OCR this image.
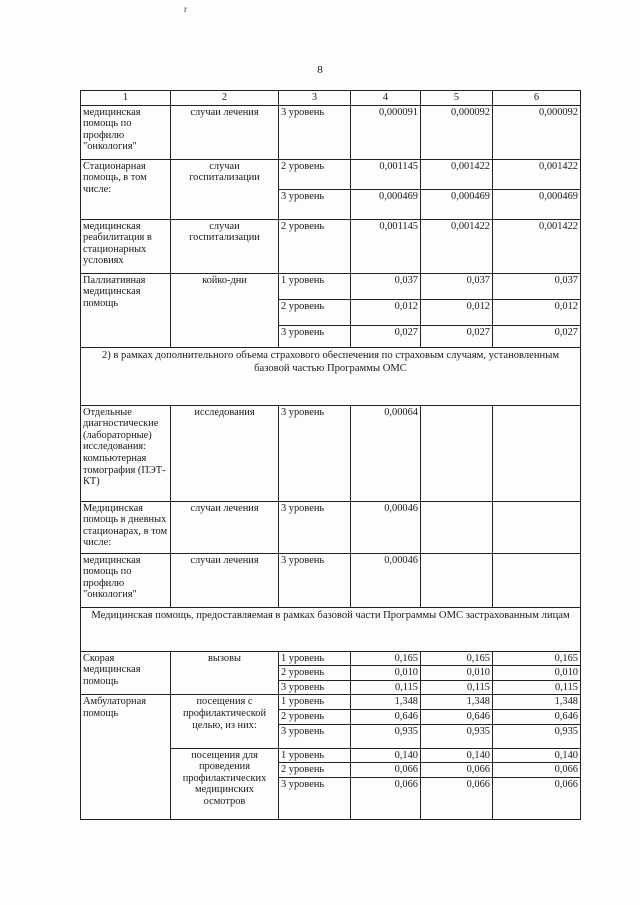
r
8
1	2	3	4	5	6
медицинская помощь по профилю "онкология"	случаи лечения	3 уровень	0,000091	0,000092	0,000092
Стационарная помощь, в том числе:	случаи госпитализации	2 уровень	0,001145	0,001422	0,001422
		3 уровень	0,000469	0,000469	0,000469
медицинская реабилитация в стационарных условиях	случаи госпитализации	2 уровень	0,001145	0,001422	0,001422
Паллиативная медицинская помощь	койко-дни	1 уровень	0,037	0,037	0,037
		2 уровень	0,012	0,012	0,012
		3 уровень	0,027	0,027	0,027
2) в рамках дополнительного объема страхового обеспечения по страховым случаям, установленным базовой частью Программы ОМС					
Отдельные диагностические (лабораторные) исследования: компьютерная томография (ПЭТ-КТ)	исследования	3 уровень	0,00064		
Медицинская помощь в дневных стационарах, в том числе:	случаи лечения	3 уровень	0,00046		
медицинская помощь по профилю "онкология"	случаи лечения	3 уровень	0,00046		
Медицинская помощь, предоставляемая в рамках базовой части Программы ОМС застрахованным лицам					
Скорая медицинская помощь	вызовы	1 уровень	0,165	0,165	0,165
		2 уровень	0,010	0,010	0,010
		3 уровень	0,115	0,115	0,115
Амбулаторная помощь	посещения с профилактической целью, из них:	1 уровень	1,348	1,348	1,348
		2 уровень	0,646	0,646	0,646
		3 уровень	0,935	0,935	0,935
	посещения для проведения профилактических медицинских осмотров	1 уровень	0,140	0,140	0,140
		2 уровень	0,066	0,066	0,066
		3 уровень	0,066	0,066	0,066
